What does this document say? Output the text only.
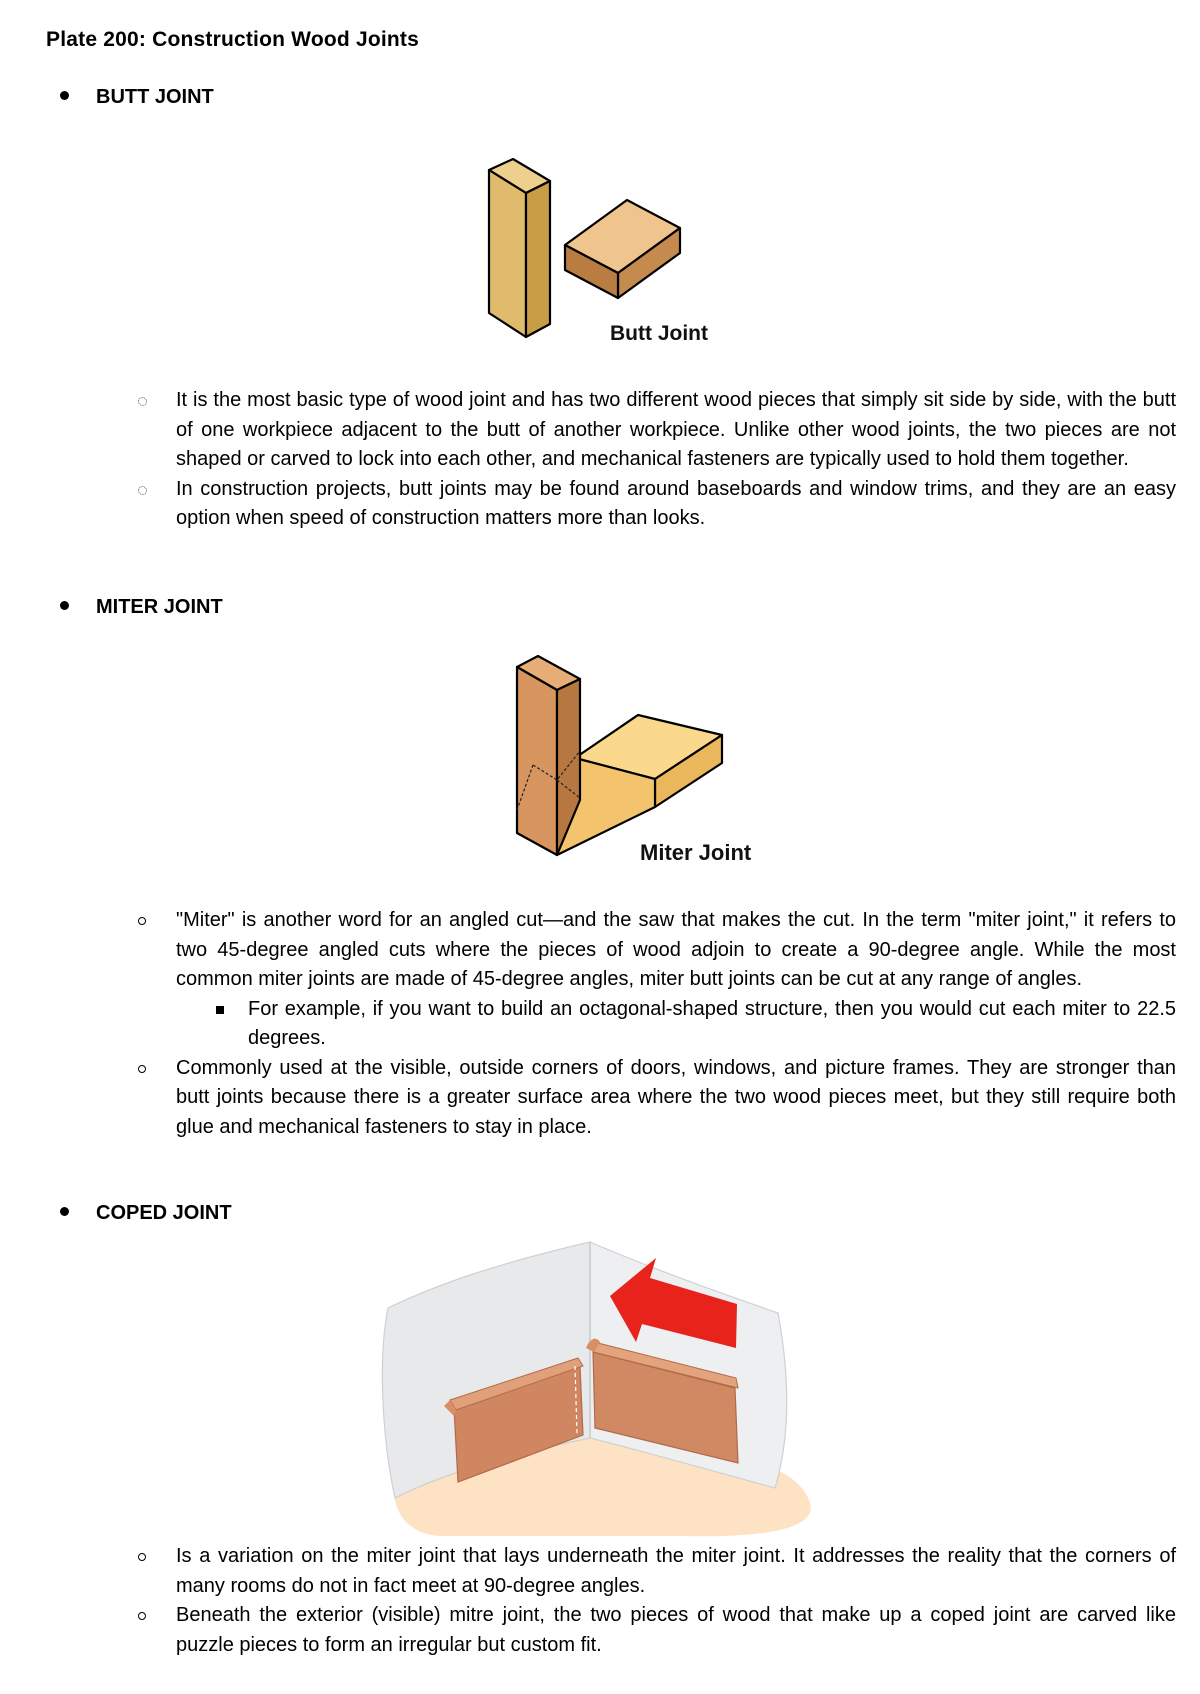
Plate 200: Construction Wood Joints
BUTT JOINT
Butt Joint
It is the most basic type of wood joint and has two different wood pieces that simply sit side by side, with the butt of one workpiece adjacent to the butt of another workpiece. Unlike other wood joints, the two pieces are not shaped or carved to lock into each other, and mechanical fasteners are typically used to hold them together.
In construction projects, butt joints may be found around baseboards and window trims, and they are an easy option when speed of construction matters more than looks.
MITER JOINT
Miter Joint
"Miter" is another word for an angled cut—and the saw that makes the cut. In the term "miter joint," it refers to two 45-degree angled cuts where the pieces of wood adjoin to create a 90-degree angle. While the most common miter joints are made of 45-degree angles, miter butt joints can be cut at any range of angles.
For example, if you want to build an octagonal-shaped structure, then you would cut each miter to 22.5 degrees.
Commonly used at the visible, outside corners of doors, windows, and picture frames. They are stronger than butt joints because there is a greater surface area where the two wood pieces meet, but they still require both glue and mechanical fasteners to stay in place.
COPED JOINT
Is a variation on the miter joint that lays underneath the miter joint. It addresses the reality that the corners of many rooms do not in fact meet at 90-degree angles.
Beneath the exterior (visible) mitre joint, the two pieces of wood that make up a coped joint are carved like puzzle pieces to form an irregular but custom fit.
